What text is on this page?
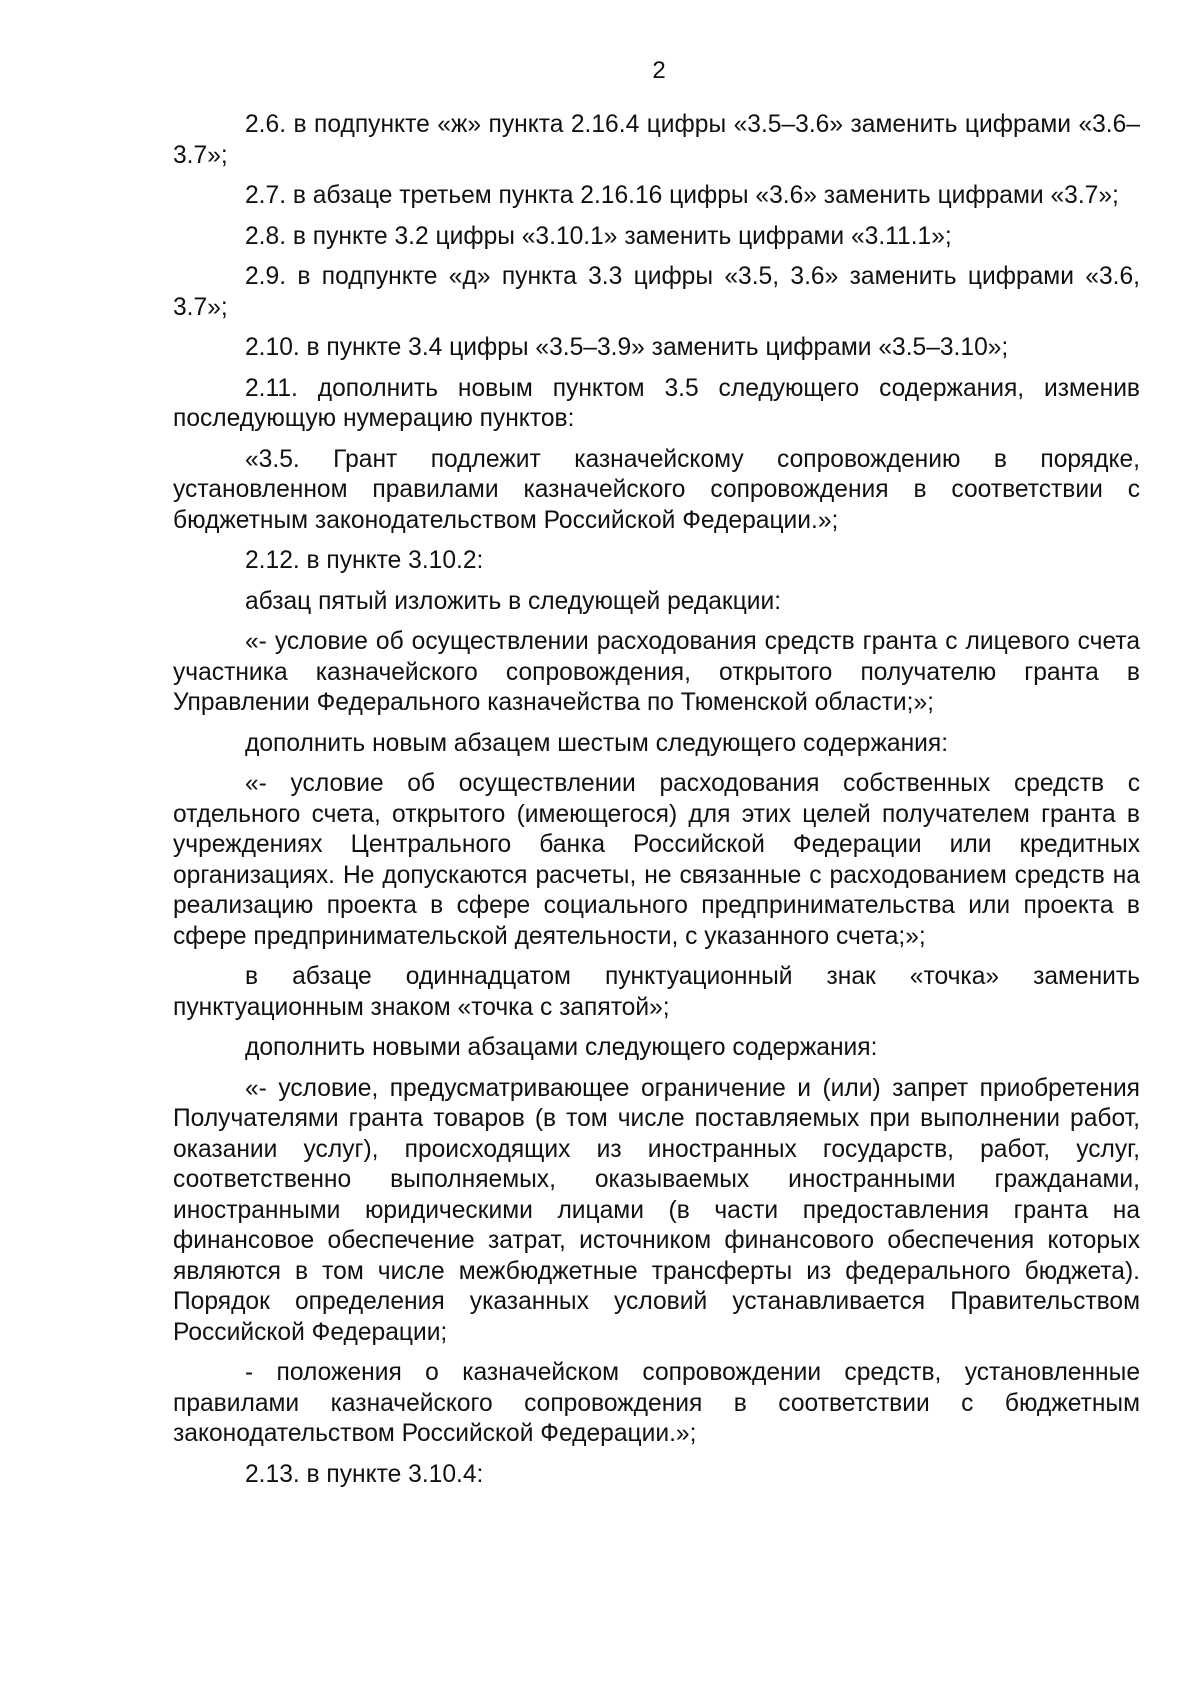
2

2.6. в подпункте «ж» пункта 2.16.4 цифры «3.5–3.6» заменить цифрами «3.6–3.7»;

2.7. в абзаце третьем пункта 2.16.16 цифры «3.6» заменить цифрами «3.7»;

2.8. в пункте 3.2 цифры «3.10.1» заменить цифрами «3.11.1»;

2.9. в подпункте «д» пункта 3.3 цифры «3.5, 3.6» заменить цифрами «3.6, 3.7»;

2.10. в пункте 3.4 цифры «3.5–3.9» заменить цифрами «3.5–3.10»;

2.11. дополнить новым пунктом 3.5 следующего содержания, изменив последующую нумерацию пунктов:

«3.5. Грант подлежит казначейскому сопровождению в порядке, установленном правилами казначейского сопровождения в соответствии с бюджетным законодательством Российской Федерации.»;

2.12. в пункте 3.10.2:

абзац пятый изложить в следующей редакции:

«- условие об осуществлении расходования средств гранта с лицевого счета участника казначейского сопровождения, открытого получателю гранта в Управлении Федерального казначейства по Тюменской области;»;

дополнить новым абзацем шестым следующего содержания:

«- условие об осуществлении расходования собственных средств с отдельного счета, открытого (имеющегося) для этих целей получателем гранта в учреждениях Центрального банка Российской Федерации или кредитных организациях. Не допускаются расчеты, не связанные с расходованием средств на реализацию проекта в сфере социального предпринимательства или проекта в сфере предпринимательской деятельности, с указанного счета;»;

в абзаце одиннадцатом пунктуационный знак «точка» заменить пунктуационным знаком «точка с запятой»;

дополнить новыми абзацами следующего содержания:

«- условие, предусматривающее ограничение и (или) запрет приобретения Получателями гранта товаров (в том числе поставляемых при выполнении работ, оказании услуг), происходящих из иностранных государств, работ, услуг, соответственно выполняемых, оказываемых иностранными гражданами, иностранными юридическими лицами (в части предоставления гранта на финансовое обеспечение затрат, источником финансового обеспечения которых являются в том числе межбюджетные трансферты из федерального бюджета). Порядок определения указанных условий устанавливается Правительством Российской Федерации;

- положения о казначейском сопровождении средств, установленные правилами казначейского сопровождения в соответствии с бюджетным законодательством Российской Федерации.»;

2.13. в пункте 3.10.4:
